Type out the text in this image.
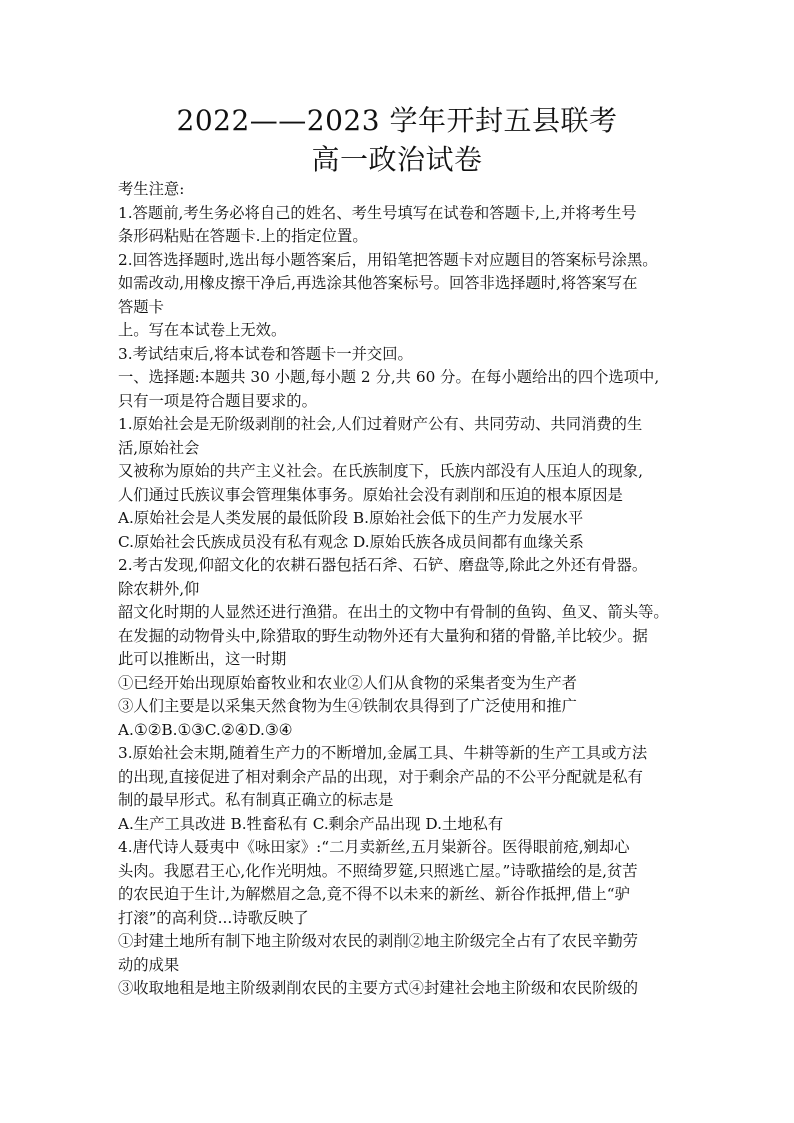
2022——2023 学年开封五县联考
高一政治试卷
考生注意:
1.答题前,考生务必将自己的姓名、考生号填写在试卷和答题卡,上,并将考生号
条形码粘贴在答题卡.上的指定位置。
2.回答选择题时,选出每小题答案后，用铅笔把答题卡对应题目的答案标号涂黑。
如需改动,用橡皮擦干净后,再选涂其他答案标号。回答非选择题时,将答案写在
答题卡
上。写在本试卷上无效。
3.考试结束后,将本试卷和答题卡一并交回。
一、选择题:本题共 30 小题,每小题 2 分,共 60 分。在每小题给出的四个选项中,
只有一项是符合题目要求的。
1.原始社会是无阶级剥削的社会,人们过着财产公有、共同劳动、共同消费的生
活,原始社会
又被称为原始的共产主义社会。在氏族制度下，氏族内部没有人压迫人的现象,
人们通过氏族议事会管理集体事务。原始社会没有剥削和压迫的根本原因是
A.原始社会是人类发展的最低阶段 B.原始社会低下的生产力发展水平
C.原始社会氏族成员没有私有观念 D.原始氏族各成员间都有血缘关系
2.考古发现,仰韶文化的农耕石器包括石斧、石铲、磨盘等,除此之外还有骨器。
除农耕外,仰
韶文化时期的人显然还进行渔猎。在出土的文物中有骨制的鱼钩、鱼叉、箭头等。
在发掘的动物骨头中,除猎取的野生动物外还有大量狗和猪的骨骼,羊比较少。据
此可以推断出，这一时期
①已经开始出现原始畜牧业和农业②人们从食物的采集者变为生产者
③人们主要是以采集天然食物为生④铁制农具得到了广泛使用和推广
A.①②B.①③C.②④D.③④
3.原始社会末期,随着生产力的不断增加,金属工具、牛耕等新的生产工具或方法
的出现,直接促进了相对剩余产品的出现，对于剩余产品的不公平分配就是私有
制的最早形式。私有制真正确立的标志是
A.生产工具改进 B.牲畜私有 C.剩余产品出现 D.土地私有
4.唐代诗人聂夷中《咏田家》:“二月卖新丝,五月粜新谷。医得眼前疮,剜却心
头肉。我愿君王心,化作光明烛。不照绮罗筵,只照逃亡屋。”诗歌描绘的是,贫苦
的农民迫于生计,为解燃眉之急,竟不得不以未来的新丝、新谷作抵押,借上“驴
打滚”的高利贷...诗歌反映了
①封建土地所有制下地主阶级对农民的剥削②地主阶级完全占有了农民辛勤劳
动的成果
③收取地租是地主阶级剥削农民的主要方式④封建社会地主阶级和农民阶级的
